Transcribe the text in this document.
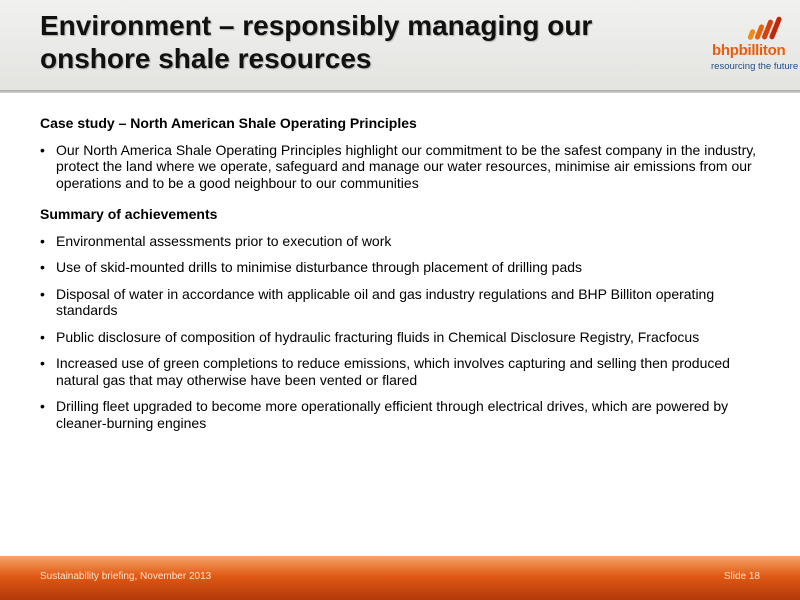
Environment – responsibly managing our onshore shale resources	bhpbilliton
resourcing the future
Case study – North American Shale Operating Principles
• Our North America Shale Operating Principles highlight our commitment to be the safest company in the industry, protect the land where we operate, safeguard and manage our water resources, minimise air emissions from our operations and to be a good neighbour to our communities
Summary of achievements
• Environmental assessments prior to execution of work
• Use of skid-mounted drills to minimise disturbance through placement of drilling pads
• Disposal of water in accordance with applicable oil and gas industry regulations and BHP Billiton operating standards
• Public disclosure of composition of hydraulic fracturing fluids in Chemical Disclosure Registry, Fracfocus
• Increased use of green completions to reduce emissions, which involves capturing and selling then produced natural gas that may otherwise have been vented or flared
• Drilling fleet upgraded to become more operationally efficient through electrical drives, which are powered by cleaner-burning engines
Sustainability briefing, November 2013	Slide 18
